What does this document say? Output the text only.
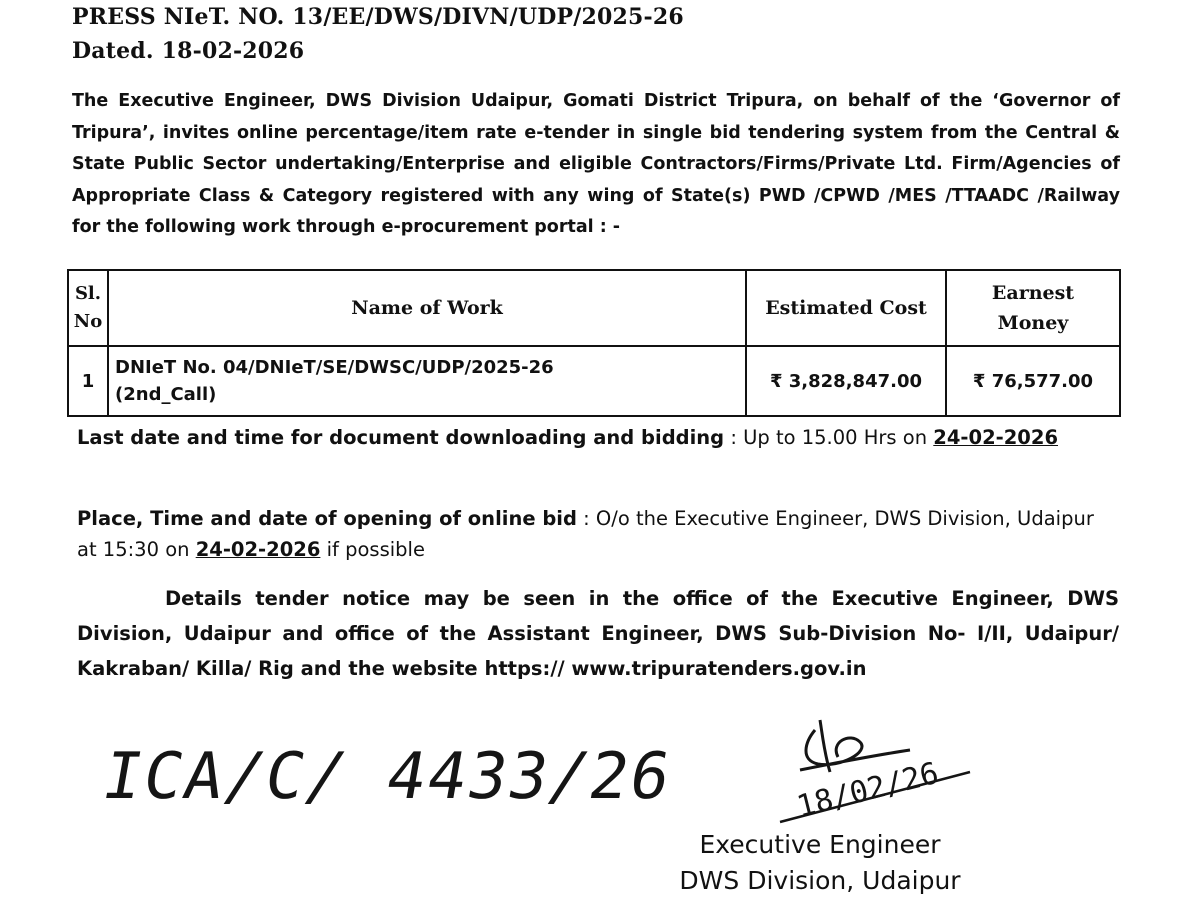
PRESS NIeT. NO. 13/EE/DWS/DIVN/UDP/2025-26
Dated. 18-02-2026
The Executive Engineer, DWS Division Udaipur, Gomati District Tripura, on behalf of the ‘Governor of Tripura’, invites online percentage/item rate e-tender in single bid tendering system from the Central & State Public Sector undertaking/Enterprise and eligible Contractors/Firms/Private Ltd. Firm/Agencies of Appropriate Class & Category registered with any wing of State(s) PWD /CPWD /MES /TTAADC /Railway for the following work through e-procurement portal : -
Sl. No	Name of Work	Estimated Cost	Earnest Money
1	DNIeT No. 04/DNIeT/SE/DWSC/UDP/2025-26 (2nd_Call)	₹ 3,828,847.00	₹ 76,577.00
Last date and time for document downloading and bidding : Up to 15.00 Hrs on 24-02-2026
Place, Time and date of opening of online bid : O/o the Executive Engineer, DWS Division, Udaipur at 15:30 on 24-02-2026 if possible
Details tender notice may be seen in the office of the Executive Engineer, DWS Division, Udaipur and office of the Assistant Engineer, DWS Sub-Division No- I/II, Udaipur/ Kakraban/ Killa/ Rig and the website https:// www.tripuratenders.gov.in
ICA/C/ 4433/26	18/02/26
Executive Engineer
DWS Division, Udaipur
